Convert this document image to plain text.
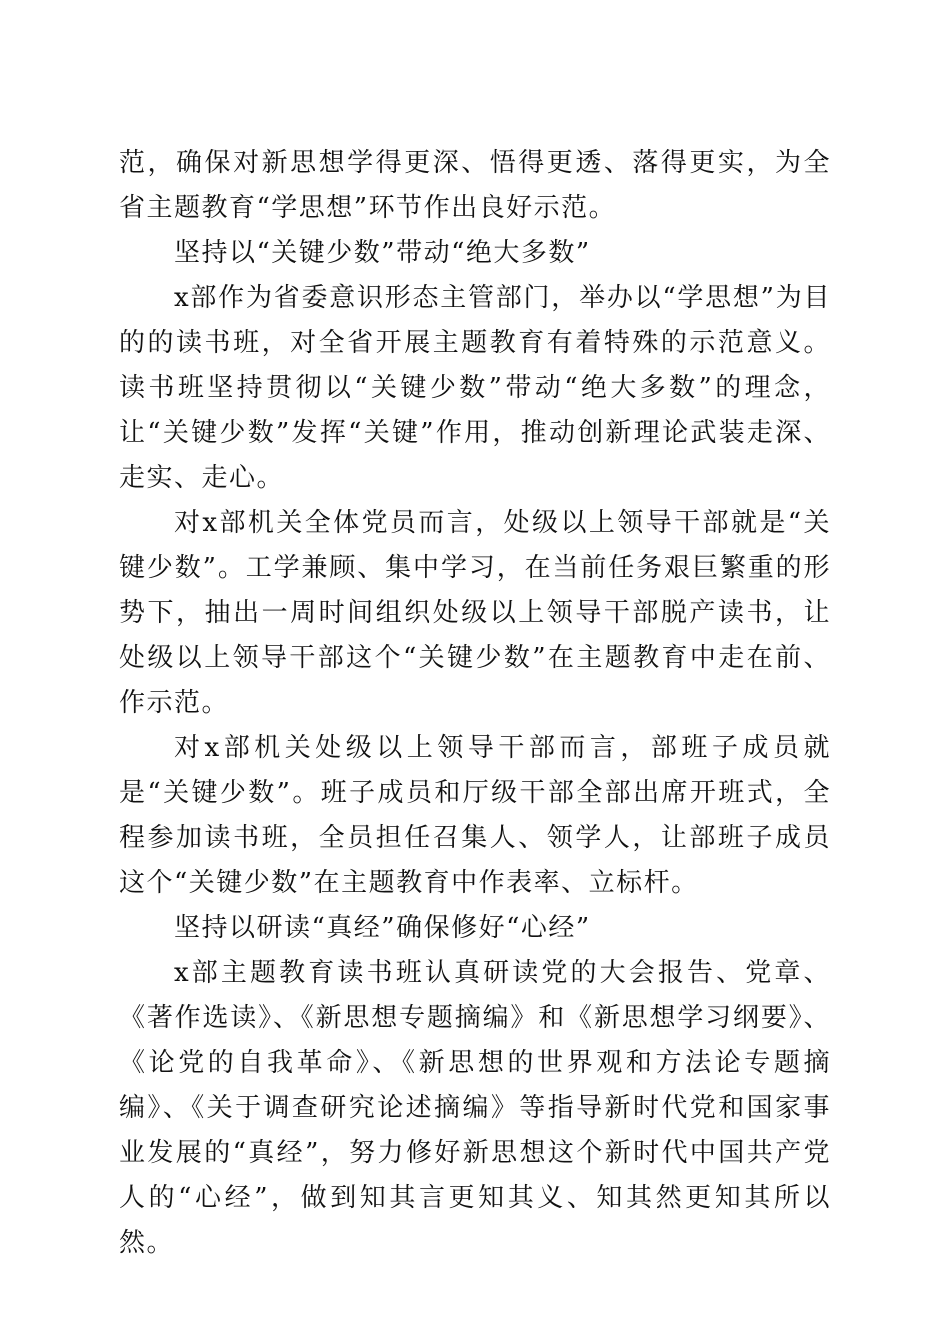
范，确保对新思想学得更深、悟得更透、落得更实，为全省主题教育“学思想”环节作出良好示范。

坚持以“关键少数”带动“绝大多数”

x部作为省委意识形态主管部门，举办以“学思想”为目的的读书班，对全省开展主题教育有着特殊的示范意义。读书班坚持贯彻以“关键少数”带动“绝大多数”的理念，让“关键少数”发挥“关键”作用，推动创新理论武装走深、走实、走心。

对x部机关全体党员而言，处级以上领导干部就是“关键少数”。工学兼顾、集中学习，在当前任务艰巨繁重的形势下，抽出一周时间组织处级以上领导干部脱产读书，让处级以上领导干部这个“关键少数”在主题教育中走在前、作示范。

对x部机关处级以上领导干部而言，部班子成员就是“关键少数”。班子成员和厅级干部全部出席开班式，全程参加读书班，全员担任召集人、领学人，让部班子成员这个“关键少数”在主题教育中作表率、立标杆。

坚持以研读“真经”确保修好“心经”

x部主题教育读书班认真研读党的大会报告、党章、《著作选读》、《新思想专题摘编》和《新思想学习纲要》、《论党的自我革命》、《新思想的世界观和方法论专题摘编》、《关于调查研究论述摘编》等指导新时代党和国家事业发展的“真经”，努力修好新思想这个新时代中国共产党人的“心经”，做到知其言更知其义、知其然更知其所以然。
